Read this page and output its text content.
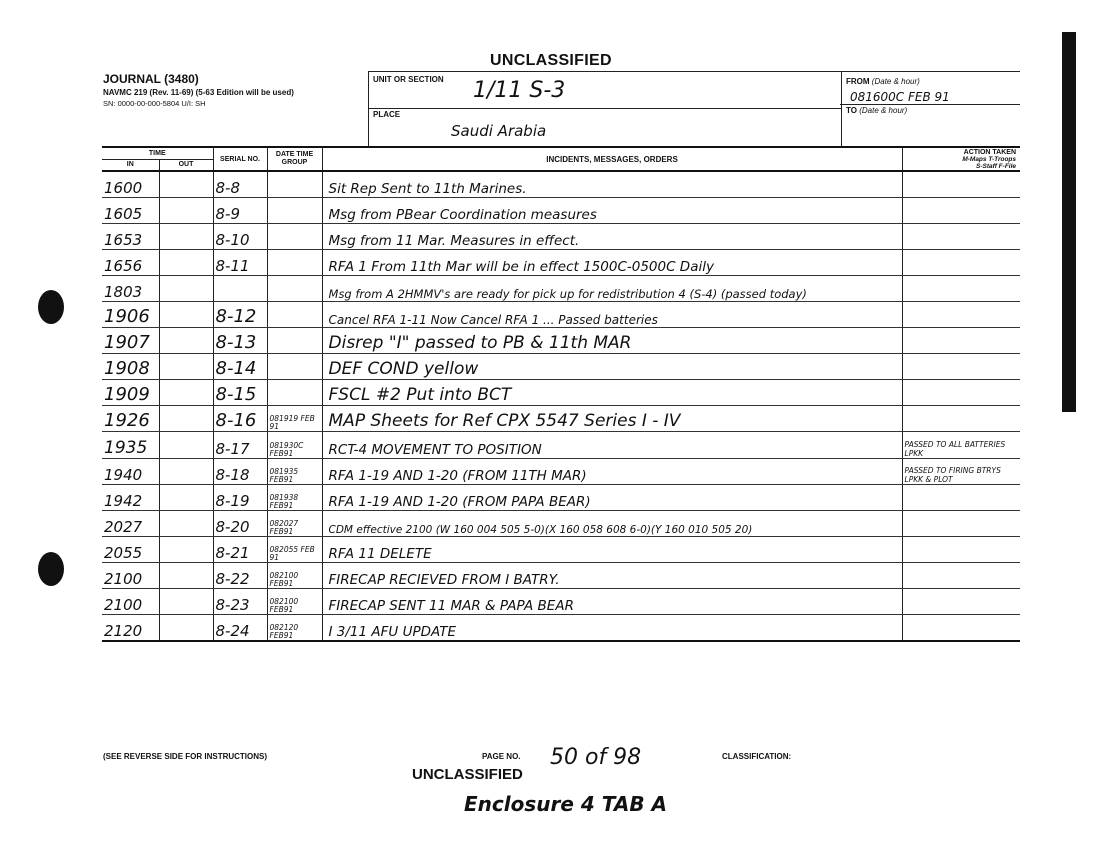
UNCLASSIFIED
JOURNAL (3480)
NAVMC 219 (Rev. 11-69) (5-63 Edition will be used)
SN: 0000-00-000-5804 U/I: SH
UNIT OR SECTION 1/11 S-3
PLACE
Saudi Arabia
FROM (Date & hour)
081600C FEB 91
TO (Date & hour)
TIME		SERIAL NO.	DATE TIME GROUP	INCIDENTS, MESSAGES, ORDERS	ACTION TAKEN
M-Maps T-Troops
S-Staff F-File

IN	OUT				
1600		8-8		Sit Rep Sent to 11th Marines.	
1605		8-9		Msg from PBear Coordination measures	
1653		8-10		Msg from 11 Mar. Measures in effect.	
1656		8-11		RFA 1 From 11th Mar will be in effect 1500C-0500C Daily	
1803				Msg from A 2HMMV's are ready for pick up for redistribution 4 (S-4) (passed today)	
1906		8-12		Cancel RFA 1-11 Now Cancel RFA 1 ... Passed batteries	
1907		8-13		Disrep "I" passed to PB & 11th MAR	
1908		8-14		DEF COND yellow	
1909		8-15		FSCL #2 Put into BCT	
1926		8-16	081919 FEB 91	MAP Sheets for Ref CPX 5547 Series I - IV	
1935		8-17	081930C FEB91	RCT-4 MOVEMENT TO POSITION	PASSED TO ALL BATTERIES LPKK
1940		8-18	081935 FEB91	RFA 1-19 AND 1-20 (FROM 11TH MAR)	PASSED TO FIRING BTRYS LPKK & PLOT
1942		8-19	081938 FEB91	RFA 1-19 AND 1-20 (FROM PAPA BEAR)	
2027		8-20	082027 FEB91	CDM effective 2100 (W 160 004 505 5-0)(X 160 058 608 6-0)(Y 160 010 505 20)	
2055		8-21	082055 FEB 91	RFA 11 DELETE	
2100		8-22	082100 FEB91	FIRECAP RECIEVED FROM I BATRY.	
2100		8-23	082100 FEB91	FIRECAP SENT 11 MAR & PAPA BEAR	
2120		8-24	082120 FEB91	I 3/11 AFU UPDATE	
(SEE REVERSE SIDE FOR INSTRUCTIONS)	PAGE NO. 50 of 98	CLASSIFICATION:
UNCLASSIFIED
Enclosure 4 TAB A
